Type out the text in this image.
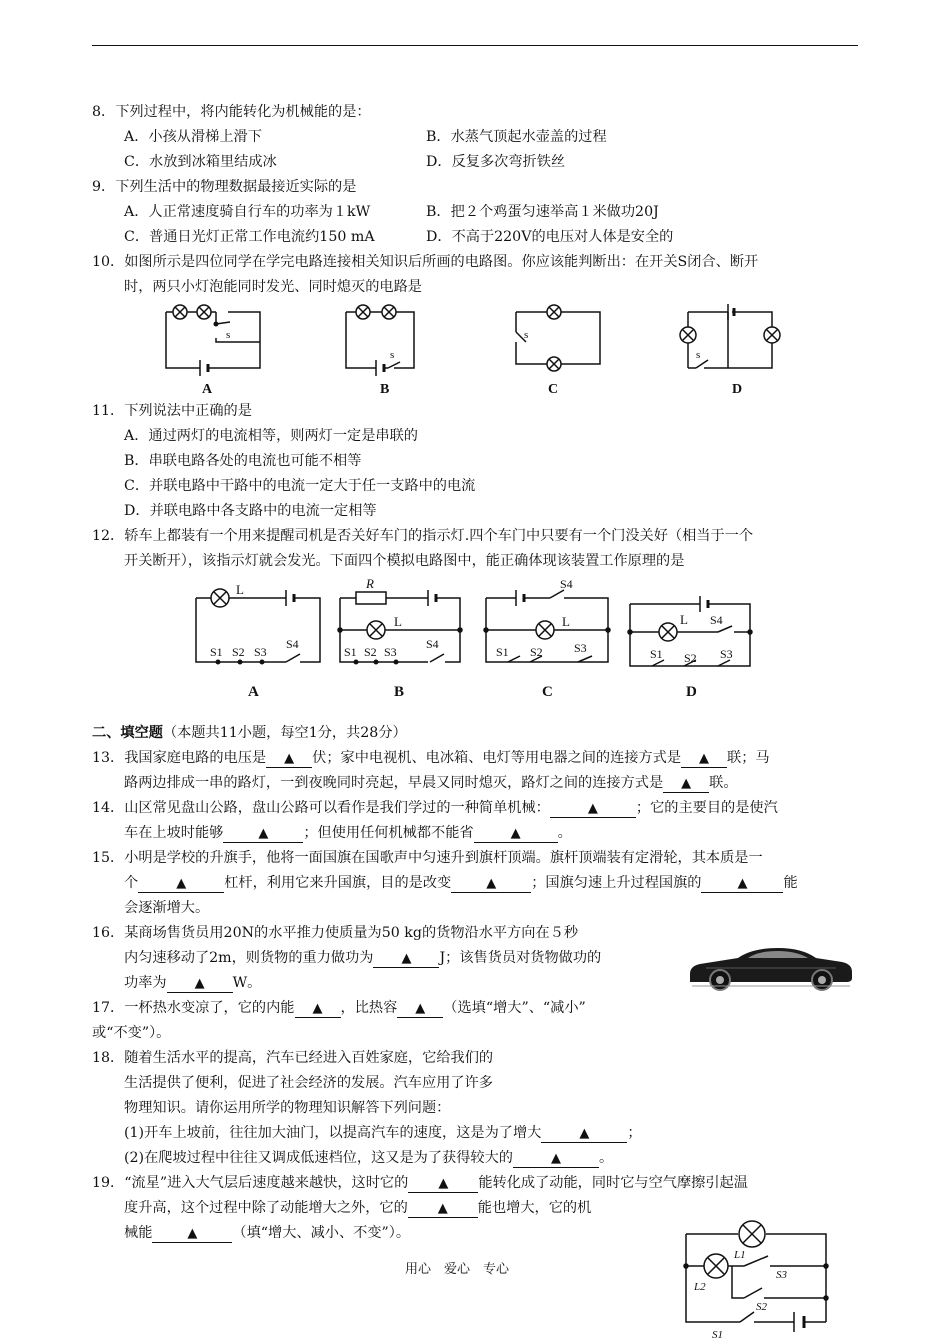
8．下列过程中，将内能转化为机械能的是：
A．小孩从滑梯上滑下	B．水蒸气顶起水壶盖的过程
C．水放到冰箱里结成冰	D．反复多次弯折铁丝
9．下列生活中的物理数据最接近实际的是
A．人正常速度骑自行车的功率为１kW	B．把２个鸡蛋匀速举高１米做功20J
C．普通日光灯正常工作电流约150 mA	D．不高于220V的电压对人体是安全的
10．如图所示是四位同学在学完电路连接相关知识后所画的电路图。你应该能判断出：在开关S闭合、断开
时，两只小灯泡能同时发光、同时熄灭的电路是
s
A
s
B
s
C
s
D
11．下列说法中正确的是
A．通过两灯的电流相等，则两灯一定是串联的
B．串联电路各处的电流也可能不相等
C．并联电路中干路中的电流一定大于任一支路中的电流
D．并联电路中各支路中的电流一定相等
12．轿车上都装有一个用来提醒司机是否关好车门的指示灯.四个车门中只要有一个门没关好（相当于一个
开关断开），该指示灯就会发光。下面四个模拟电路图中，能正确体现该装置工作原理的是
L
S1 S2 S3
S4
A
R
L
S1 S2 S3
S4
B
S4
L
S1 S2	S3
C
L S4
S1 S2 S3
D
二、填空题（本题共11小题，每空1分，共28分）
13．我国家庭电路的电压是 ▲ 伏；家中电视机、电冰箱、电灯等用电器之间的连接方式是 ▲ 联；马
路两边排成一串的路灯，一到夜晚同时亮起，早晨又同时熄灭，路灯之间的连接方式是 ▲ 联。
14．山区常见盘山公路，盘山公路可以看作是我们学过的一种简单机械：	▲	；它的主要目的是使汽
车在上坡时能够	▲ ；但使用任何机械都不能省	▲	。
15．小明是学校的升旗手，他将一面国旗在国歌声中匀速升到旗杆顶端。旗杆顶端装有定滑轮，其本质是一
个	▲	杠杆，利用它来升国旗，目的是改变	▲ ；国旗匀速上升过程国旗的	▲	能
会逐渐增大。
16．某商场售货员用20N的水平推力使质量为50 kg的货物沿水平方向在５秒
内匀速移动了2m，则货物的重力做功为 ▲ J；该售货员对货物做功的
功率为 ▲ W。
17．一杯热水变凉了，它的内能 ▲ ，比热容 ▲ （选填“增大”、“减小”
或“不变”）。
18．随着生活水平的提高，汽车已经进入百姓家庭，它给我们的
生活提供了便利，促进了社会经济的发展。汽车应用了许多
物理知识。请你运用所学的物理知识解答下列问题：
(1)开车上坡前，往往加大油门，以提高汽车的速度，这是为了增大	▲	；
(2)在爬坡过程中往往又调成低速档位，这又是为了获得较大的	▲	。
19．“流星”进入大气层后速度越来越快，这时它的 ▲ 能转化成了动能，同时它与空气摩擦引起温
度升高，这个过程中除了动能增大之外，它的 ▲ 能也增大，它的机
械能	▲ （填“增大、减小、不变”）。
L1
L2
S3
S2
S1
用心　爱心　专心
